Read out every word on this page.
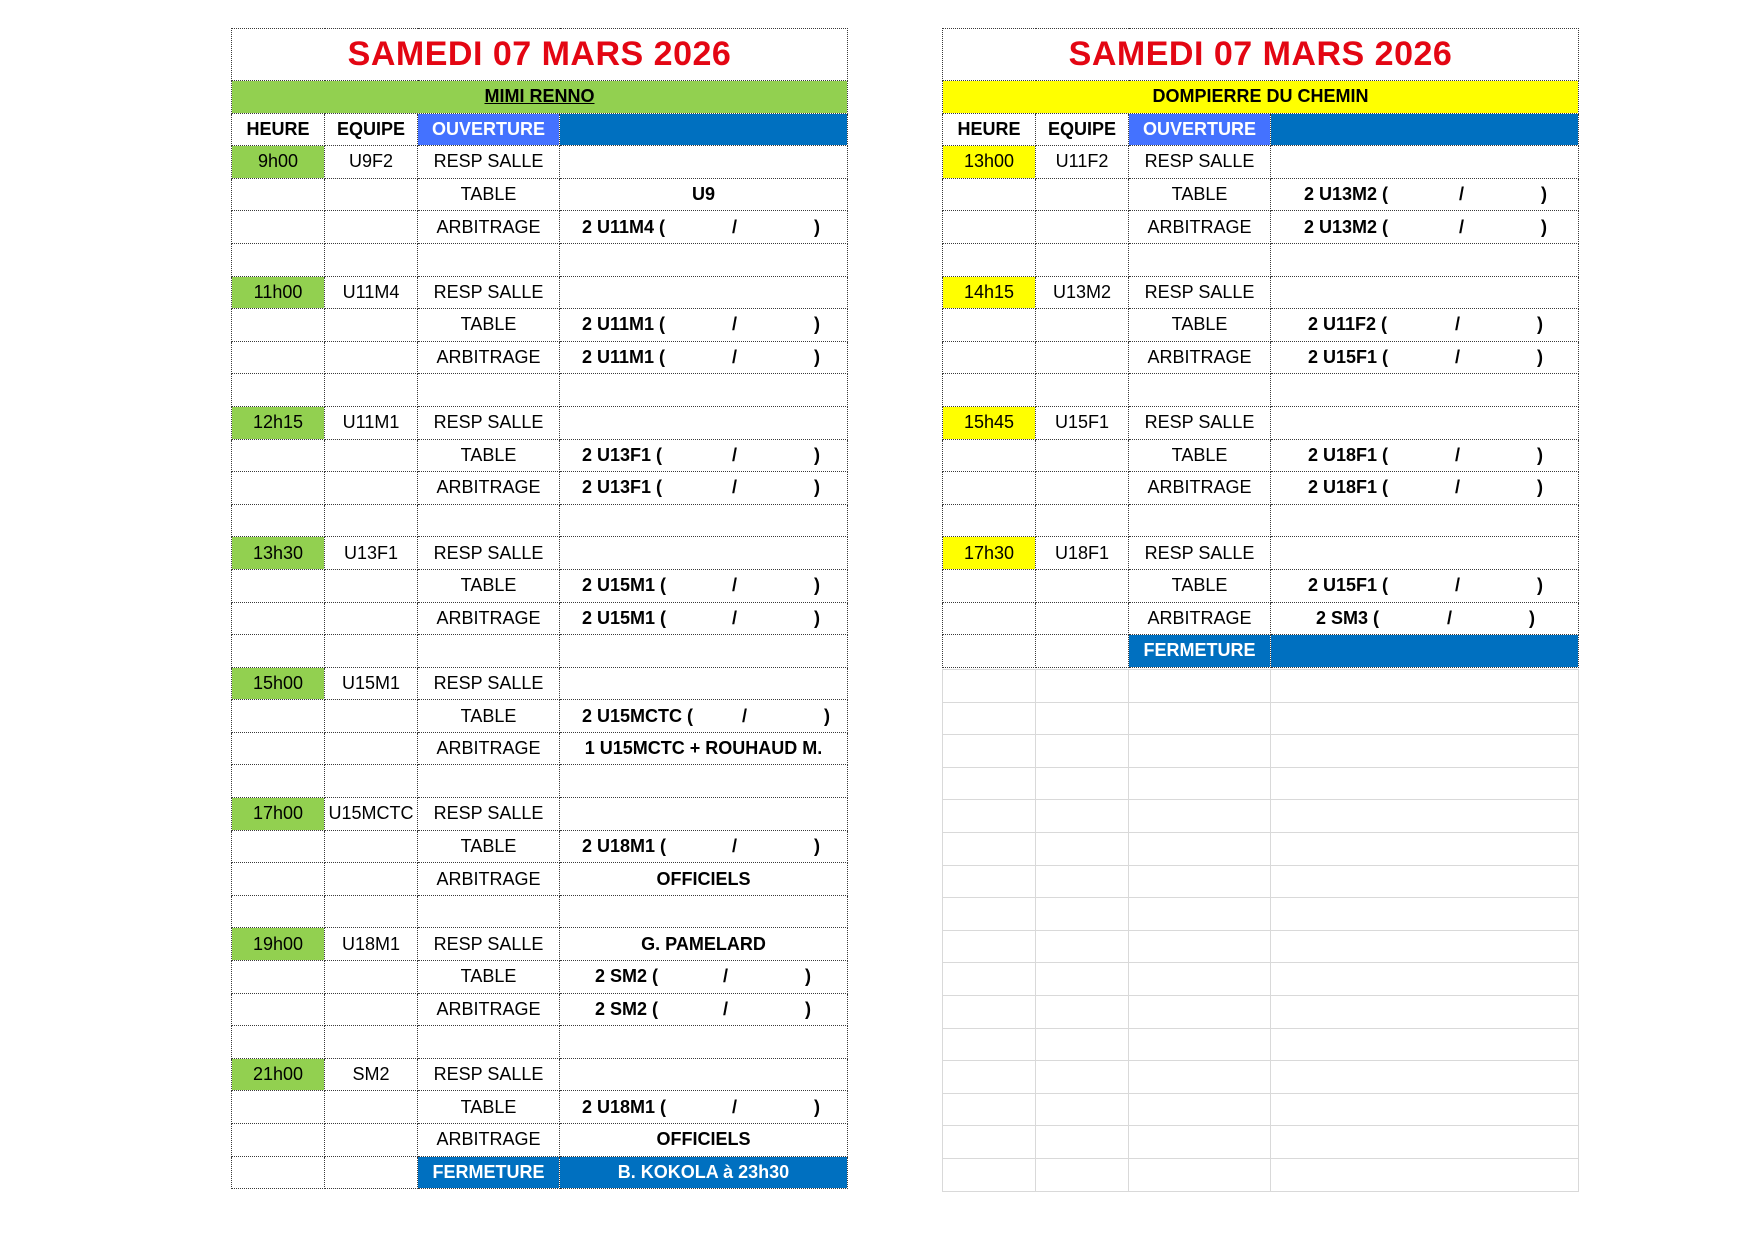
SAMEDI 07 MARS 2026			
MIMI RENNO			
HEURE	EQUIPE	OUVERTURE	
9h00	U9F2	RESP SALLE	
		TABLE	U9
		ARBITRAGE	2 U11M4 ( / )

11h00	U11M4	RESP SALLE	
		TABLE	2 U11M1 ( / )
		ARBITRAGE	2 U11M1 ( / )

12h15	U11M1	RESP SALLE	
		TABLE	2 U13F1 ( / )
		ARBITRAGE	2 U13F1 ( / )

13h30	U13F1	RESP SALLE	
		TABLE	2 U15M1 ( / )
		ARBITRAGE	2 U15M1 ( / )

15h00	U15M1	RESP SALLE	
		TABLE	2 U15MCTC ( / )
		ARBITRAGE	1 U15MCTC + ROUHAUD M.

17h00	U15MCTC	RESP SALLE	
		TABLE	2 U18M1 ( / )
		ARBITRAGE	OFFICIELS

19h00	U18M1	RESP SALLE	G. PAMELARD
		TABLE	2 SM2 ( / )
		ARBITRAGE	2 SM2 ( / )

21h00	SM2	RESP SALLE	
		TABLE	2 U18M1 ( / )
		ARBITRAGE	OFFICIELS
		FERMETURE	B. KOKOLA à 23h30
SAMEDI 07 MARS 2026			
DOMPIERRE DU CHEMIN			
HEURE	EQUIPE	OUVERTURE	
13h00	U11F2	RESP SALLE	
		TABLE	2 U13M2 ( / )
		ARBITRAGE	2 U13M2 ( / )

14h15	U13M2	RESP SALLE	
		TABLE	2 U11F2 ( / )
		ARBITRAGE	2 U15F1 ( / )

15h45	U15F1	RESP SALLE	
		TABLE	2 U18F1 ( / )
		ARBITRAGE	2 U18F1 ( / )

17h30	U18F1	RESP SALLE	
		TABLE	2 U15F1 ( / )
		ARBITRAGE	2 SM3 ( / )
		FERMETURE	
